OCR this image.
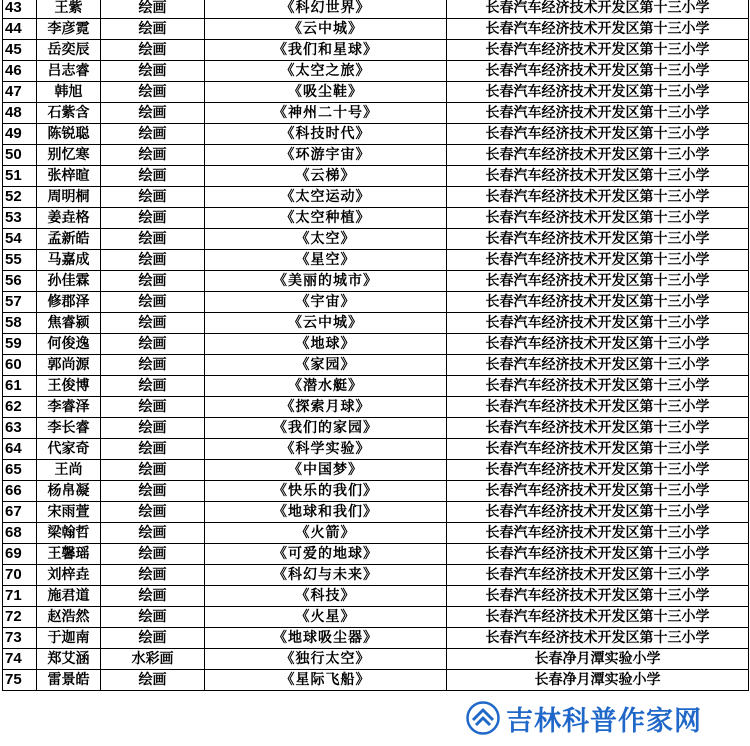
43	王紫	绘画	《科幻世界》	长春汽车经济技术开发区第十三小学
44	李彦霓	绘画	《云中城》	长春汽车经济技术开发区第十三小学
45	岳奕辰	绘画	《我们和星球》	长春汽车经济技术开发区第十三小学
46	吕志睿	绘画	《太空之旅》	长春汽车经济技术开发区第十三小学
47	韩旭	绘画	《吸尘鞋》	长春汽车经济技术开发区第十三小学
48	石紫含	绘画	《神州二十号》	长春汽车经济技术开发区第十三小学
49	陈锐聪	绘画	《科技时代》	长春汽车经济技术开发区第十三小学
50	别忆寒	绘画	《环游宇宙》	长春汽车经济技术开发区第十三小学
51	张梓暄	绘画	《云梯》	长春汽车经济技术开发区第十三小学
52	周明桐	绘画	《太空运动》	长春汽车经济技术开发区第十三小学
53	姜垚格	绘画	《太空种植》	长春汽车经济技术开发区第十三小学
54	孟新皓	绘画	《太空》	长春汽车经济技术开发区第十三小学
55	马嘉成	绘画	《星空》	长春汽车经济技术开发区第十三小学
56	孙佳霖	绘画	《美丽的城市》	长春汽车经济技术开发区第十三小学
57	修郡泽	绘画	《宇宙》	长春汽车经济技术开发区第十三小学
58	焦睿颍	绘画	《云中城》	长春汽车经济技术开发区第十三小学
59	何俊逸	绘画	《地球》	长春汽车经济技术开发区第十三小学
60	郭尚源	绘画	《家园》	长春汽车经济技术开发区第十三小学
61	王俊博	绘画	《潜水艇》	长春汽车经济技术开发区第十三小学
62	李睿泽	绘画	《探索月球》	长春汽车经济技术开发区第十三小学
63	李长睿	绘画	《我们的家园》	长春汽车经济技术开发区第十三小学
64	代家奇	绘画	《科学实验》	长春汽车经济技术开发区第十三小学
65	王尚	绘画	《中国梦》	长春汽车经济技术开发区第十三小学
66	杨帛凝	绘画	《快乐的我们》	长春汽车经济技术开发区第十三小学
67	宋雨萱	绘画	《地球和我们》	长春汽车经济技术开发区第十三小学
68	梁翰哲	绘画	《火箭》	长春汽车经济技术开发区第十三小学
69	王馨瑶	绘画	《可爱的地球》	长春汽车经济技术开发区第十三小学
70	刘梓垚	绘画	《科幻与未来》	长春汽车经济技术开发区第十三小学
71	施君道	绘画	《科技》	长春汽车经济技术开发区第十三小学
72	赵浩然	绘画	《火星》	长春汽车经济技术开发区第十三小学
73	于迦南	绘画	《地球吸尘器》	长春汽车经济技术开发区第十三小学
74	郑艾涵	水彩画	《独行太空》	长春净月潭实验小学
75	雷景皓	绘画	《星际飞船》	长春净月潭实验小学
吉林科普作家网
